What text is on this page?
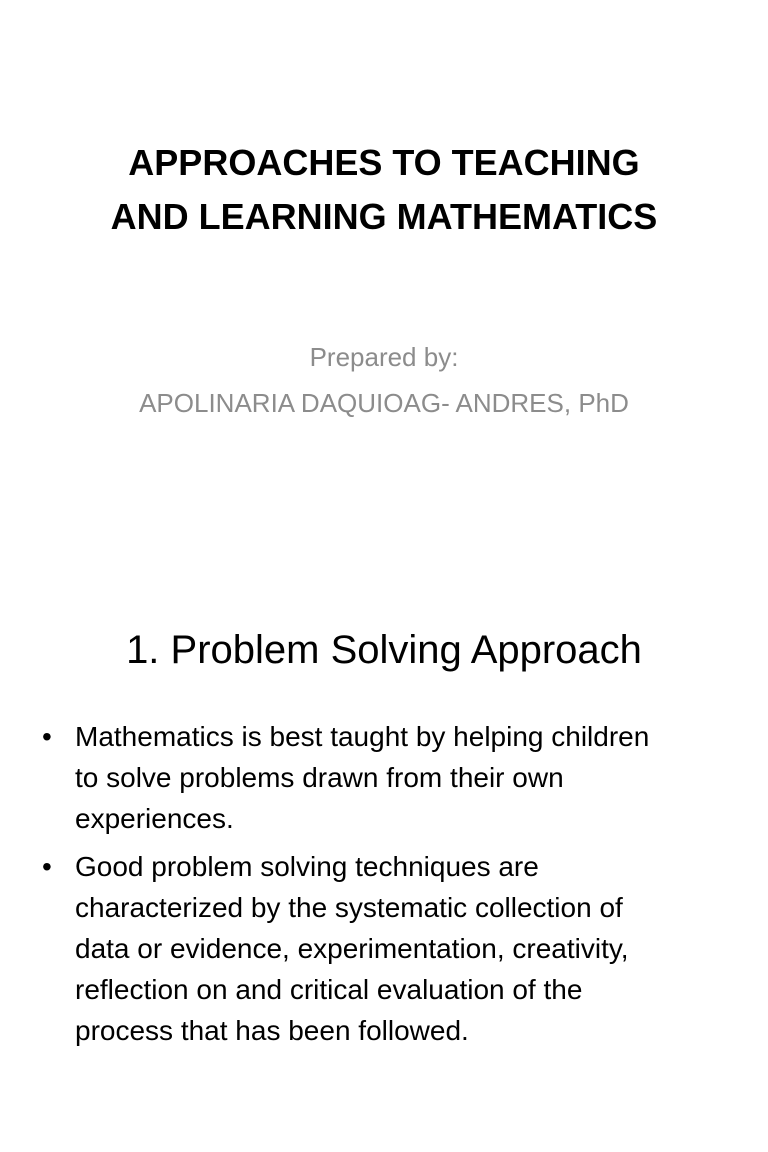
APPROACHES TO TEACHING
AND LEARNING MATHEMATICS
Prepared by:
APOLINARIA DAQUIOAG- ANDRES, PhD
1. Problem Solving Approach
• Mathematics is best taught by helping children
to solve problems drawn from their own
experiences.
• Good problem solving techniques are
characterized by the systematic collection of
data or evidence, experimentation, creativity,
reflection on and critical evaluation of the
process that has been followed.
